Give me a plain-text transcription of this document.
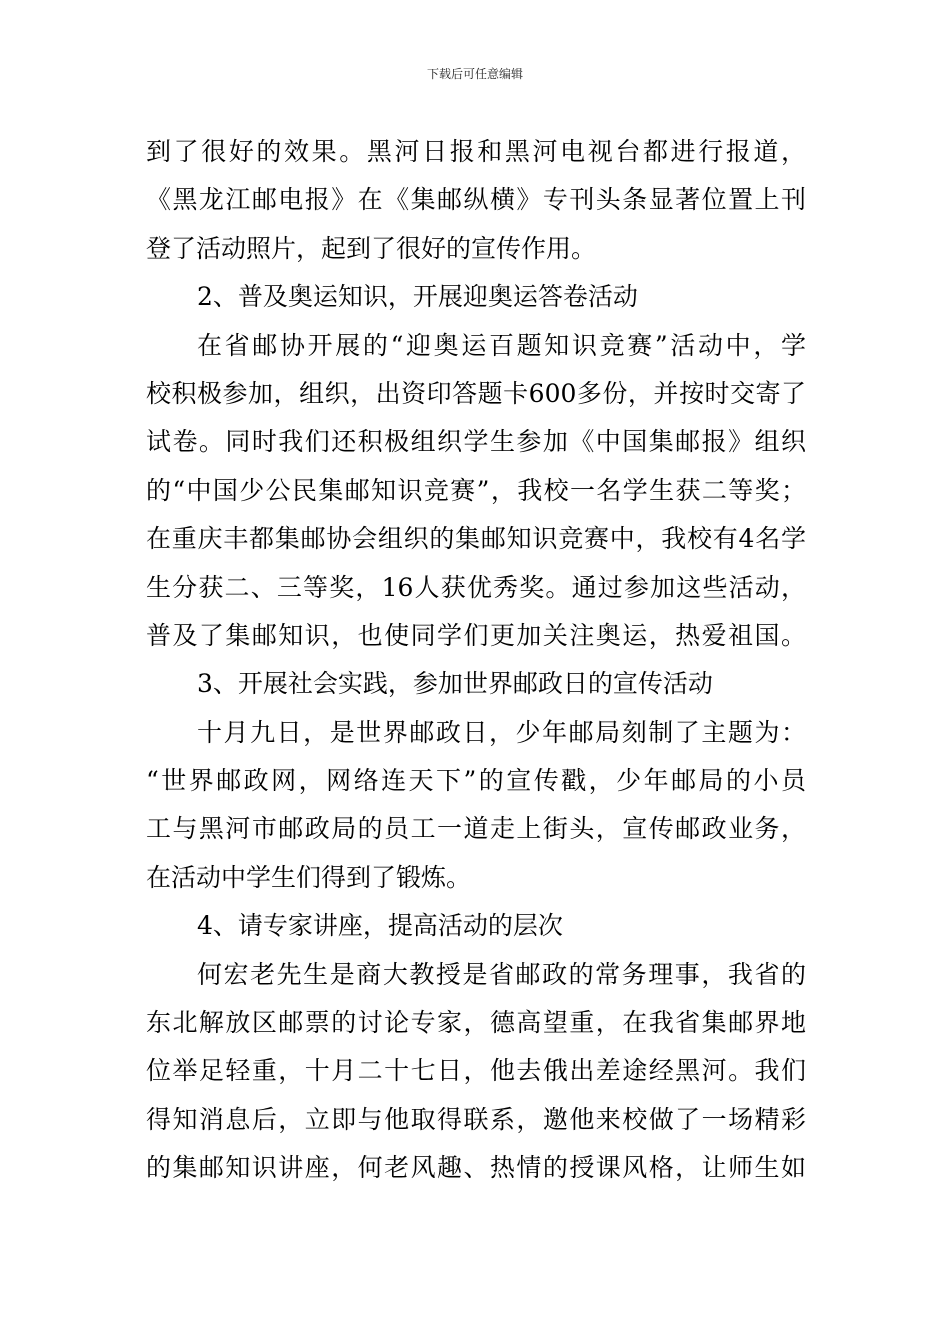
下载后可任意编辑
到了很好的效果。黑河日报和黑河电视台都进行报道，
《黑龙江邮电报》在《集邮纵横》专刊头条显著位置上刊
登了活动照片，起到了很好的宣传作用。
2、普及奥运知识，开展迎奥运答卷活动
在省邮协开展的“迎奥运百题知识竞赛”活动中，学
校积极参加，组织，出资印答题卡600多份，并按时交寄了
试卷。同时我们还积极组织学生参加《中国集邮报》组织
的“中国少公民集邮知识竞赛”，我校一名学生获二等奖；
在重庆丰都集邮协会组织的集邮知识竞赛中，我校有4名学
生分获二、三等奖，16人获优秀奖。通过参加这些活动，
普及了集邮知识，也使同学们更加关注奥运，热爱祖国。
3、开展社会实践，参加世界邮政日的宣传活动
十月九日，是世界邮政日，少年邮局刻制了主题为：
“世界邮政网，网络连天下”的宣传戳，少年邮局的小员
工与黑河市邮政局的员工一道走上街头，宣传邮政业务，
在活动中学生们得到了锻炼。
4、请专家讲座，提高活动的层次
何宏老先生是商大教授是省邮政的常务理事，我省的
东北解放区邮票的讨论专家，德高望重，在我省集邮界地
位举足轻重，十月二十七日，他去俄出差途经黑河。我们
得知消息后，立即与他取得联系，邀他来校做了一场精彩
的集邮知识讲座，何老风趣、热情的授课风格，让师生如
